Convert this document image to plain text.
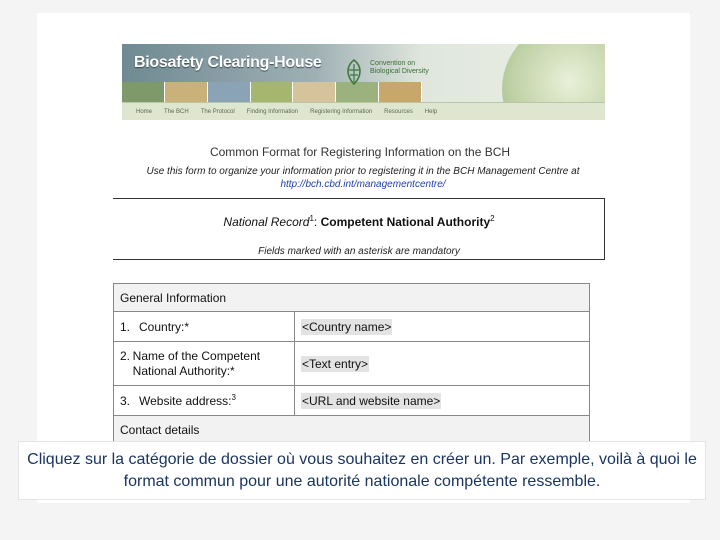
Biosafety Clearing-House	Convention on
Biological Diversity
Home The BCH The Protocol Finding Information Registering Information Resources Help
Common Format for Registering Information on the BCH
Use this form to organize your information prior to registering it in the BCH Management Centre at
http://bch.cbd.int/managementcentre/
National Record$^1$: Competent National Authority$^2$
Fields marked with an asterisk are mandatory
General Information	
1. Country:*	<Country name>

2. Name of the Competent National Authority:*	<Text entry>
3. Website address:$^3$	<URL and website name>
Contact details	
Cliquez sur la catégorie de dossier où vous souhaitez en créer un. Par exemple, voilà à quoi le format commun pour une autorité nationale compétente ressemble.
